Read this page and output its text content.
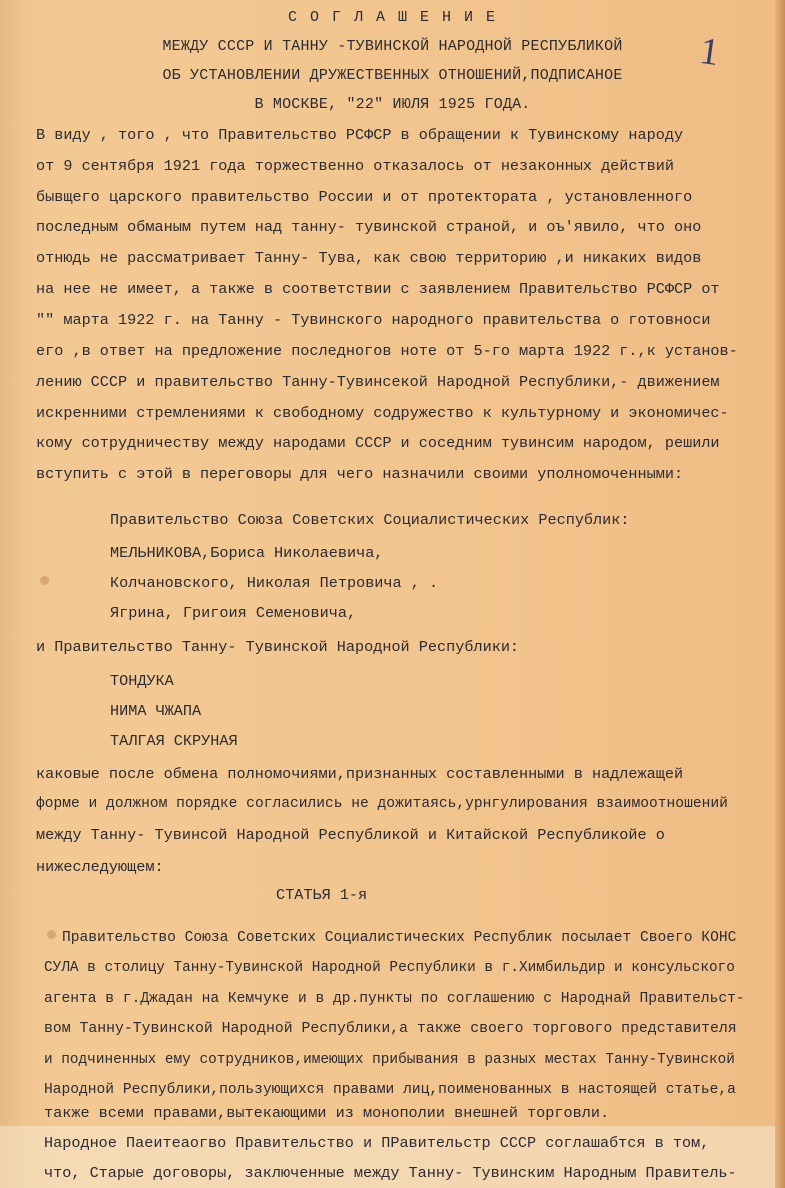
1
С О Г Л А Ш Е Н И Е
МЕЖДУ СССР И ТАННУ -ТУВИНСКОЙ НАРОДНОЙ РЕСПУБЛИКОЙ
ОБ УСТАНОВЛЕНИИ ДРУЖЕСТВЕННЫХ ОТНОШЕНИЙ,ПОДПИСАНОЕ
В МОСКВЕ, "22" ИЮЛЯ 1925 ГОДА.
В виду , того , что Правительство РСФСР в обращении к Тувинскому народу
от 9 сентября 1921 года торжественно отказалось от незаконных действий
бывщего царского правительство России и от протектората , установленного
последным обманым путем над танну- тувинской страной, и оъ'явило, что оно
отнюдь не рассматривает Танну- Тува, как свою территорию ,и никаких видов
на нее не имеет, а также в соответствии с заявлением Правительство РСФСР от
"" марта 1922 г. на Танну - Тувинского народного правительства о готовноси
его ,в ответ на предложение последногов ноте от 5-го марта 1922 г.,к установ-
лению СССР и правительство Танну-Тувинсекой Народной Республики,- движением
искренними стремлениями к свободному содружество к культурному и экономичес-
кому сотрудничеству между народами СССР и соседним тувинсим народом, решили
вступить с этой в переговоры для чего назначили своими уполномоченными:
Правительство Союза Советских Социалистических Республик:
МЕЛЬНИКОВА,Бориса Николаевича,
Колчановского, Николая Петровича , .
Ягрина, Григоия Семеновича,
и Правительство Танну- Тувинской Народной Республики:
ТОНДУКА
НИМА ЧЖАПА
ТАЛГАЯ СКРУНАЯ
каковые после обмена полномочиями,признанных составленными в надлежащей
форме и должном порядке согласились не дожитаясь,урнгулирования взаимоотношений
между Танну- Тувинсой Народной Республикой и Китайской Республикойе о
нижеследующем:
СТАТЬЯ 1-я
Правительство Союза Советских Социалистических Республик посылает Своего КОНС
СУЛА в столицу Танну-Тувинской Народной Республики в г.Химбильдир и консульского
агента в г.Джадан на Кемчуке и в др.пункты по соглашению с Народнай Правительст-
вом Танну-Тувинской Народной Республики,а также своего торгового представителя
и подчиненных ему сотрудников,имеющих прибывания в разных местах Танну-Тувинской
Народной Республики,пользующихся правами лиц,поименованных в настоящей статье,а
также всеми правами,вытекающими из монополии внешней торговли.
Народное Паеитеаогво Правительство и ПРавительстр СССР соглашабтся в том,
что, Старые договоры, заключенные между Танну- Тувинским Народным Правитель-
